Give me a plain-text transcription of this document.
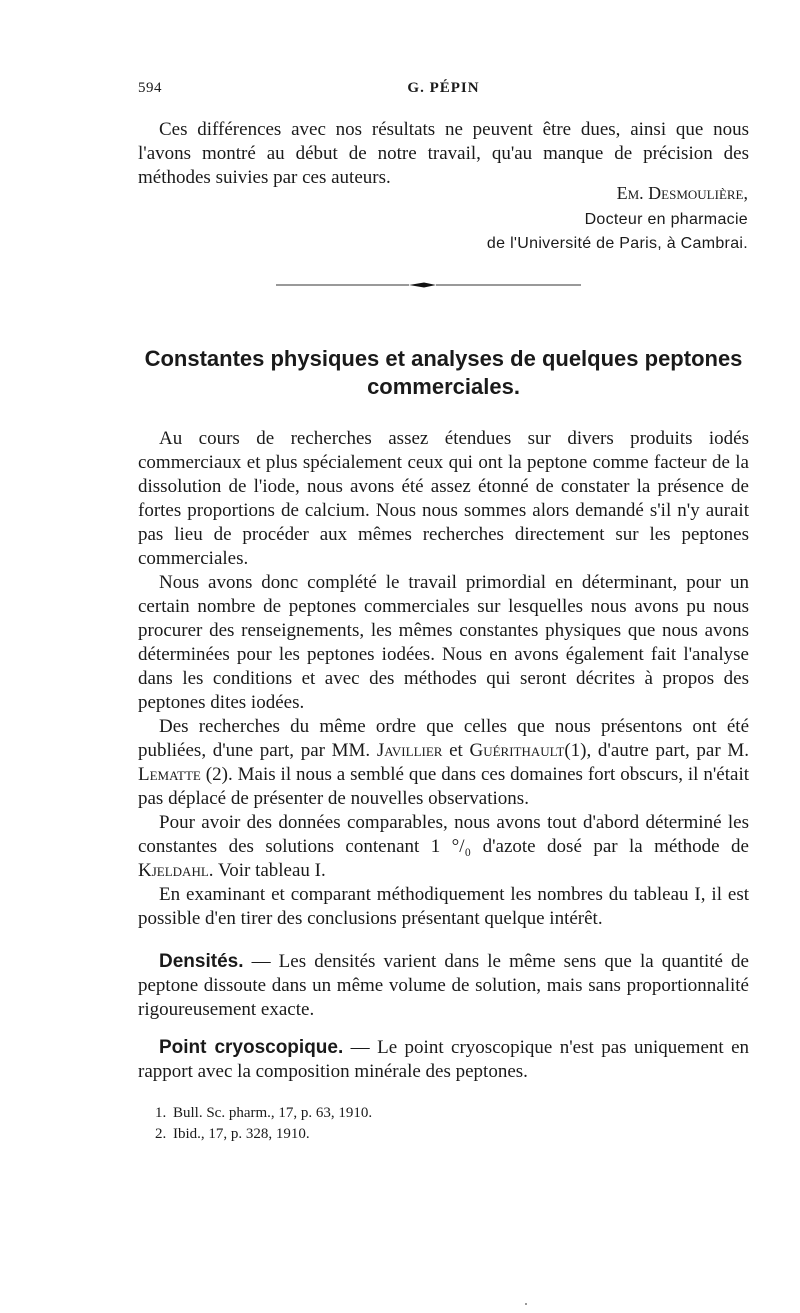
594	G. PÉPIN

Ces différences avec nos résultats ne peuvent être dues, ainsi que nous l'avons montré au début de notre travail, qu'au manque de précision des méthodes suivies par ces auteurs.

Em. Desmoulière,
Docteur en pharmacie
de l'Université de Paris, à Cambrai.
Constantes physiques et analyses de quelques peptones commerciales.

Au cours de recherches assez étendues sur divers produits iodés commerciaux et plus spécialement ceux qui ont la peptone comme facteur de la dissolution de l'iode, nous avons été assez étonné de constater la présence de fortes proportions de calcium. Nous nous sommes alors demandé s'il n'y aurait pas lieu de procéder aux mêmes recherches directement sur les peptones commerciales.

Nous avons donc complété le travail primordial en déterminant, pour un certain nombre de peptones commerciales sur lesquelles nous avons pu nous procurer des renseignements, les mêmes constantes physiques que nous avons déterminées pour les peptones iodées. Nous en avons également fait l'analyse dans les conditions et avec des méthodes qui seront décrites à propos des peptones dites iodées.

Des recherches du même ordre que celles que nous présentons ont été publiées, d'une part, par MM. Javillier et Guérithault(1), d'autre part, par M. Lematte (2). Mais il nous a semblé que dans ces domaines fort obscurs, il n'était pas déplacé de présenter de nouvelles observations.

Pour avoir des données comparables, nous avons tout d'abord déterminé les constantes des solutions contenant 1 °/₀ d'azote dosé par la méthode de Kjeldahl. Voir tableau I.

En examinant et comparant méthodiquement les nombres du tableau I, il est possible d'en tirer des conclusions présentant quelque intérêt.

Densités. — Les densités varient dans le même sens que la quantité de peptone dissoute dans un même volume de solution, mais sans proportionnalité rigoureusement exacte.

Point cryoscopique. — Le point cryoscopique n'est pas uniquement en rapport avec la composition minérale des peptones.

1. Bull. Sc. pharm., 17, p. 63, 1910.

2. Ibid., 17, p. 328, 1910.
